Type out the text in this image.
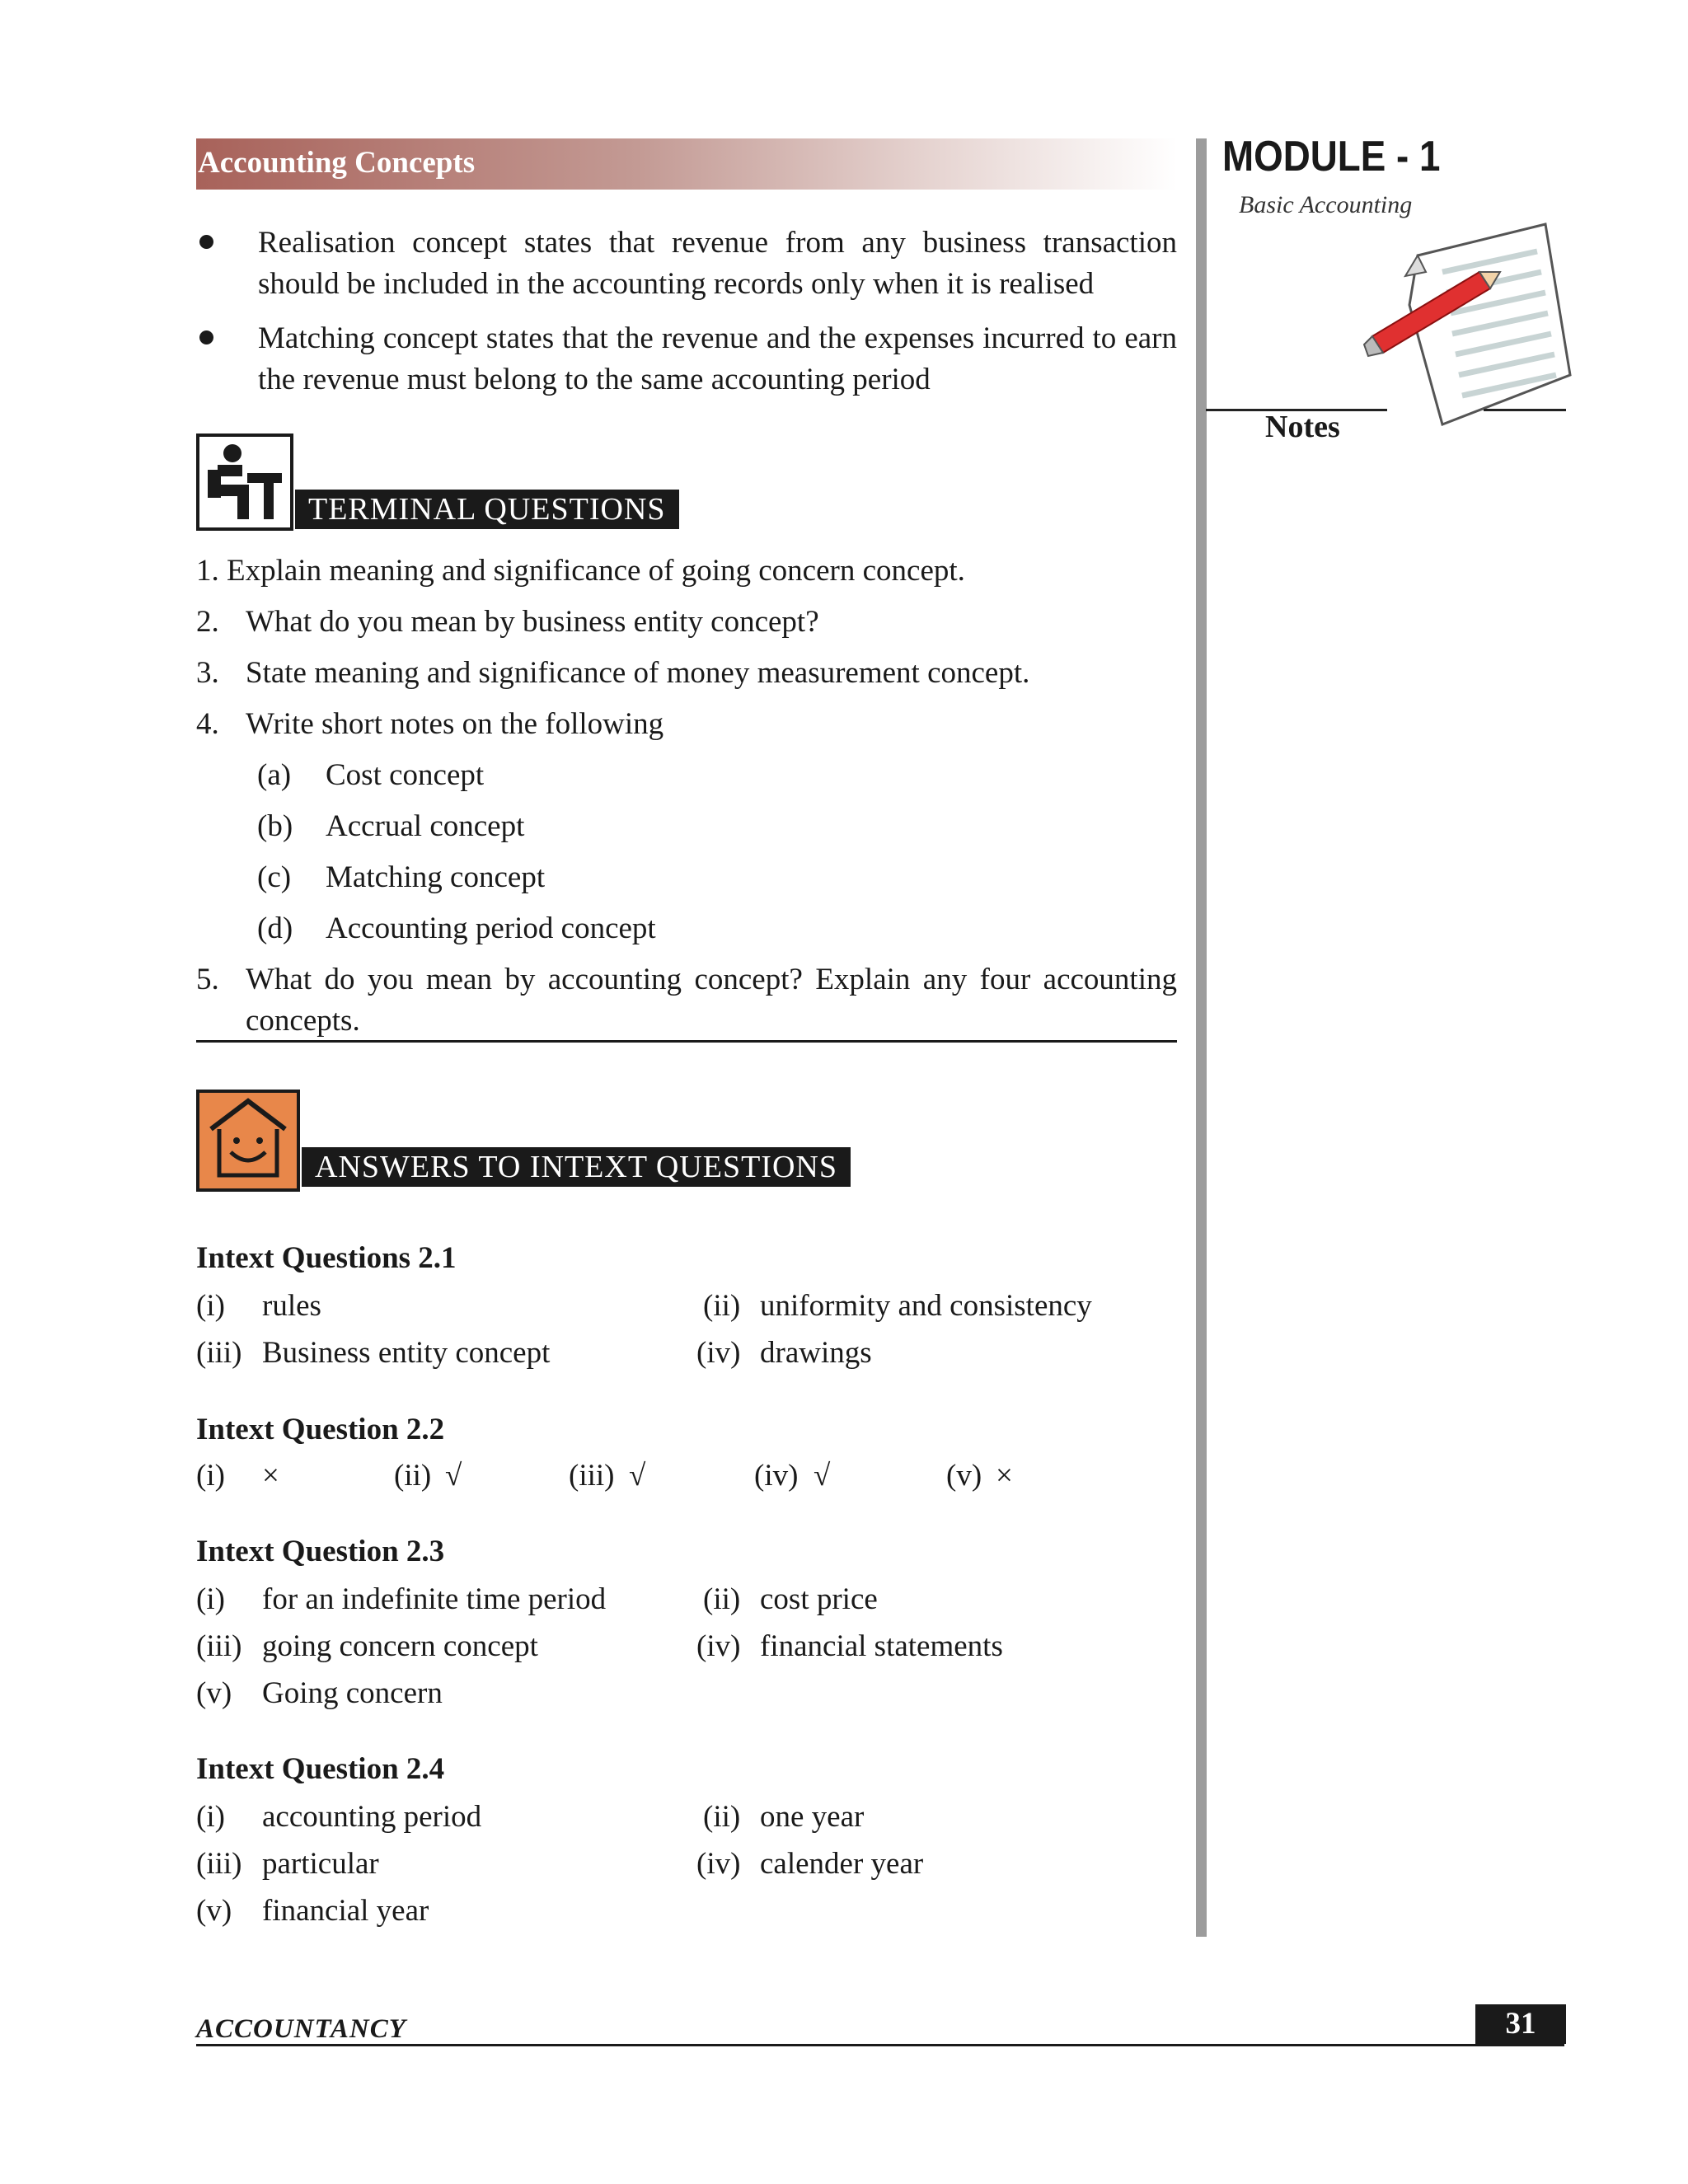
Accounting Concepts	MODULE - 1
Basic Accounting
Notes
Realisation concept states that revenue from any business transaction should be included in the accounting records only when it is realised
Matching concept states that the revenue and the expenses incurred to earn the revenue must belong to the same accounting period
TERMINAL QUESTIONS
1. Explain meaning and significance of going concern concept.
2. What do you mean by business entity concept?
3. State meaning and significance of money measurement concept.
4. Write short notes on the following
(a) Cost concept
(b) Accrual concept
(c) Matching concept
(d) Accounting period concept
5. What do you mean by accounting concept? Explain any four accounting concepts.
ANSWERS TO INTEXT QUESTIONS
Intext Questions 2.1
(i) rules	(ii) uniformity and consistency
(iii) Business entity concept	(iv) drawings
Intext Question 2.2
(i) ×	(ii) √	(iii) √	(iv) √	(v) ×
Intext Question 2.3
(i) for an indefinite time period	(ii) cost price
(iii) going concern concept	(iv) financial statements
(v) Going concern
Intext Question 2.4
(i) accounting period	(ii) one year
(iii) particular	(iv) calender year
(v) financial year
ACCOUNTANCY	31
